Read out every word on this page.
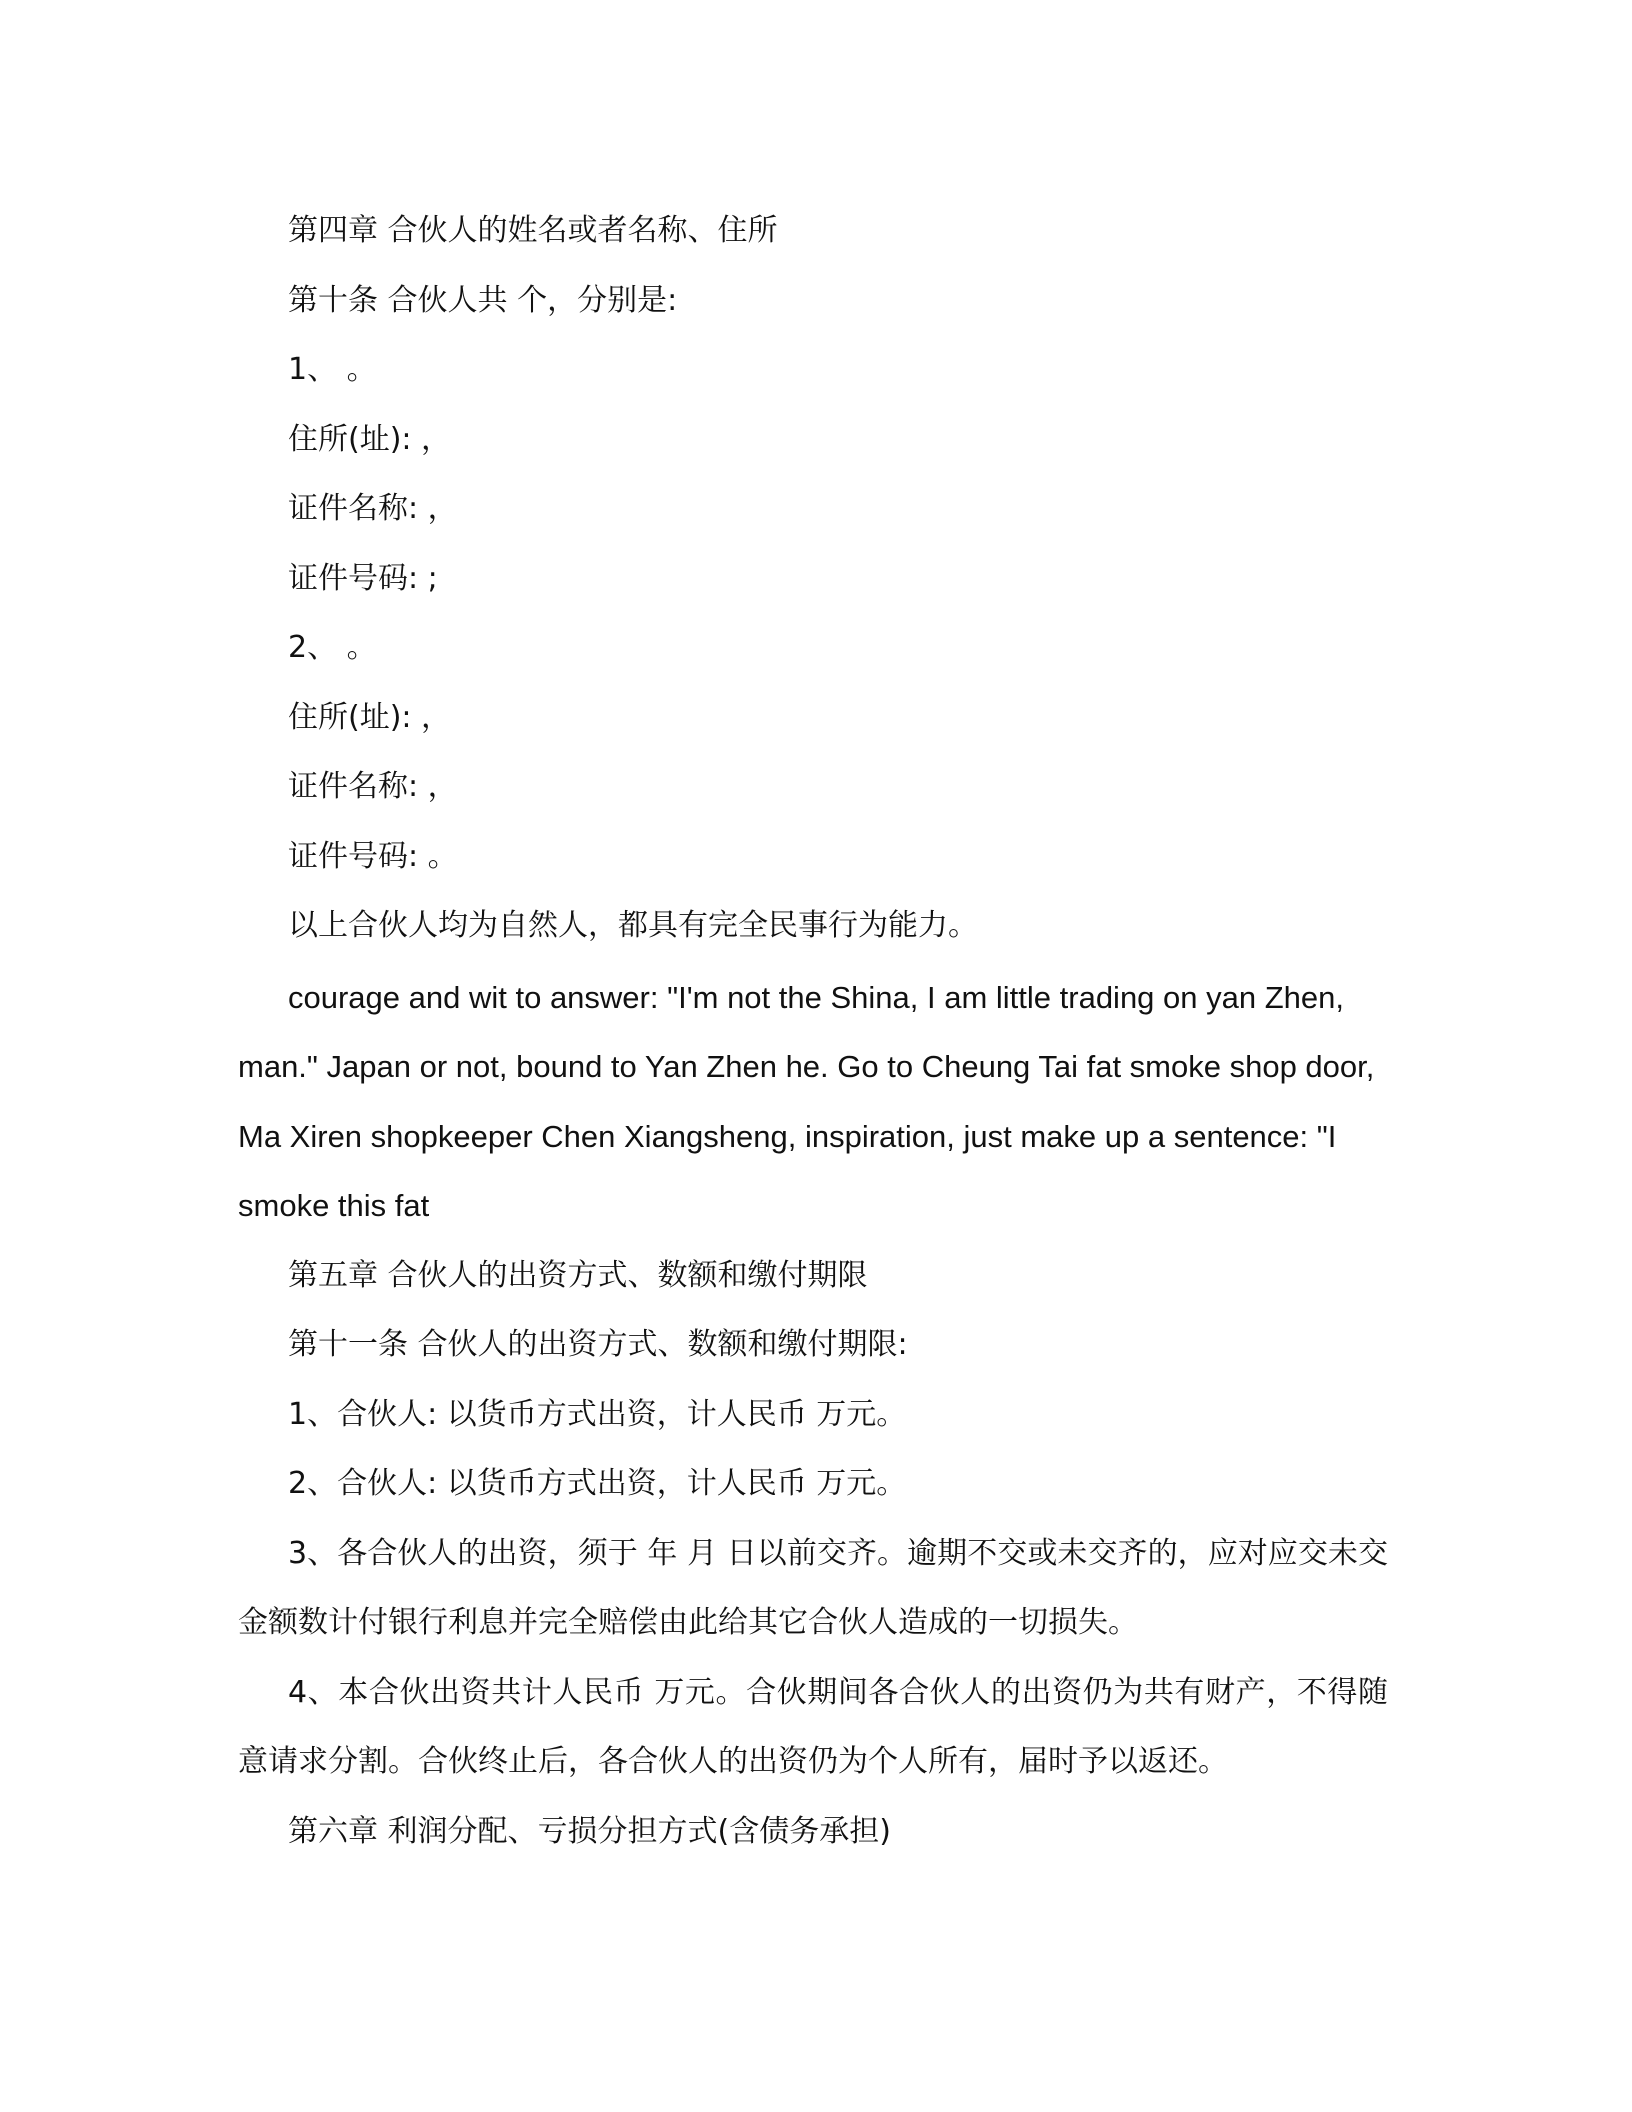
第四章 合伙人的姓名或者名称、住所

第十条 合伙人共 个，分别是:

1、 。

住所(址): ，

证件名称: ，

证件号码: ;

2、 。

住所(址): ，

证件名称: ，

证件号码: 。

以上合伙人均为自然人，都具有完全民事行为能力。

courage and wit to answer: "I'm not the Shina, I am little trading on yan Zhen, man." Japan or not, bound to Yan Zhen he. Go to Cheung Tai fat smoke shop door, Ma Xiren shopkeeper Chen Xiangsheng, inspiration, just make up a sentence: "I smoke this fat

第五章 合伙人的出资方式、数额和缴付期限

第十一条 合伙人的出资方式、数额和缴付期限:

1、合伙人: 以货币方式出资，计人民币 万元。

2、合伙人: 以货币方式出资，计人民币 万元。

3、各合伙人的出资，须于 年 月 日以前交齐。逾期不交或未交齐的，应对应交未交金额数计付银行利息并完全赔偿由此给其它合伙人造成的一切损失。

4、本合伙出资共计人民币 万元。合伙期间各合伙人的出资仍为共有财产，不得随意请求分割。合伙终止后，各合伙人的出资仍为个人所有，届时予以返还。

第六章 利润分配、亏损分担方式(含债务承担)
